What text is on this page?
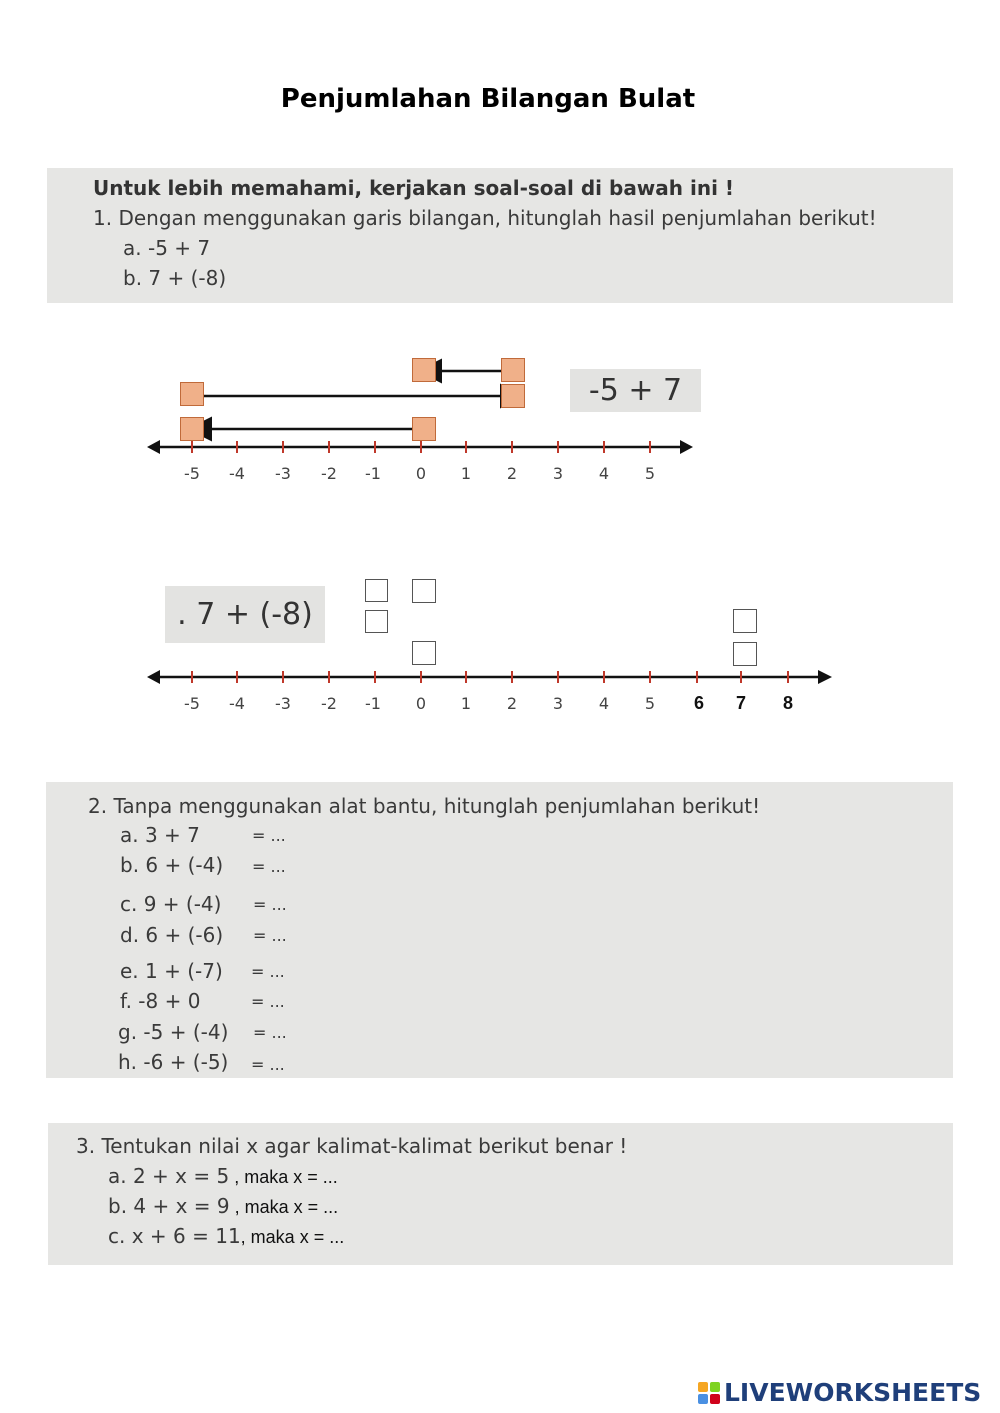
Penjumlahan Bilangan Bulat
Untuk lebih memahami, kerjakan soal-soal di bawah ini !
1. Dengan menggunakan garis bilangan, hitunglah hasil penjumlahan berikut!
a. -5 + 7
b. 7 + (-8)
-5 + 7
-5	-4	-3	-2	-1	0	1	2	3	4	5
. 7 + (-8)
-5	-4	-3	-2	-1	0	1	2	3	4	5	6	7	8
2. Tanpa menggunakan alat bantu, hitunglah penjumlahan berikut!
a. 3 + 7	= ...
b. 6 + (-4) = ...
c. 9 + (-4) = ...
d. 6 + (-6) = ...
e. 1 + (-7) = ...
f. -8 + 0	= ...
g. -5 + (-4) = ...
h. -6 + (-5) = ...
3. Tentukan nilai x agar kalimat-kalimat berikut benar !
a. 2 + x = 5 , maka x = ...
b. 4 + x = 9 , maka x = ...
c. x + 6 = 11, maka x = ...
LIVEWORKSHEETS
